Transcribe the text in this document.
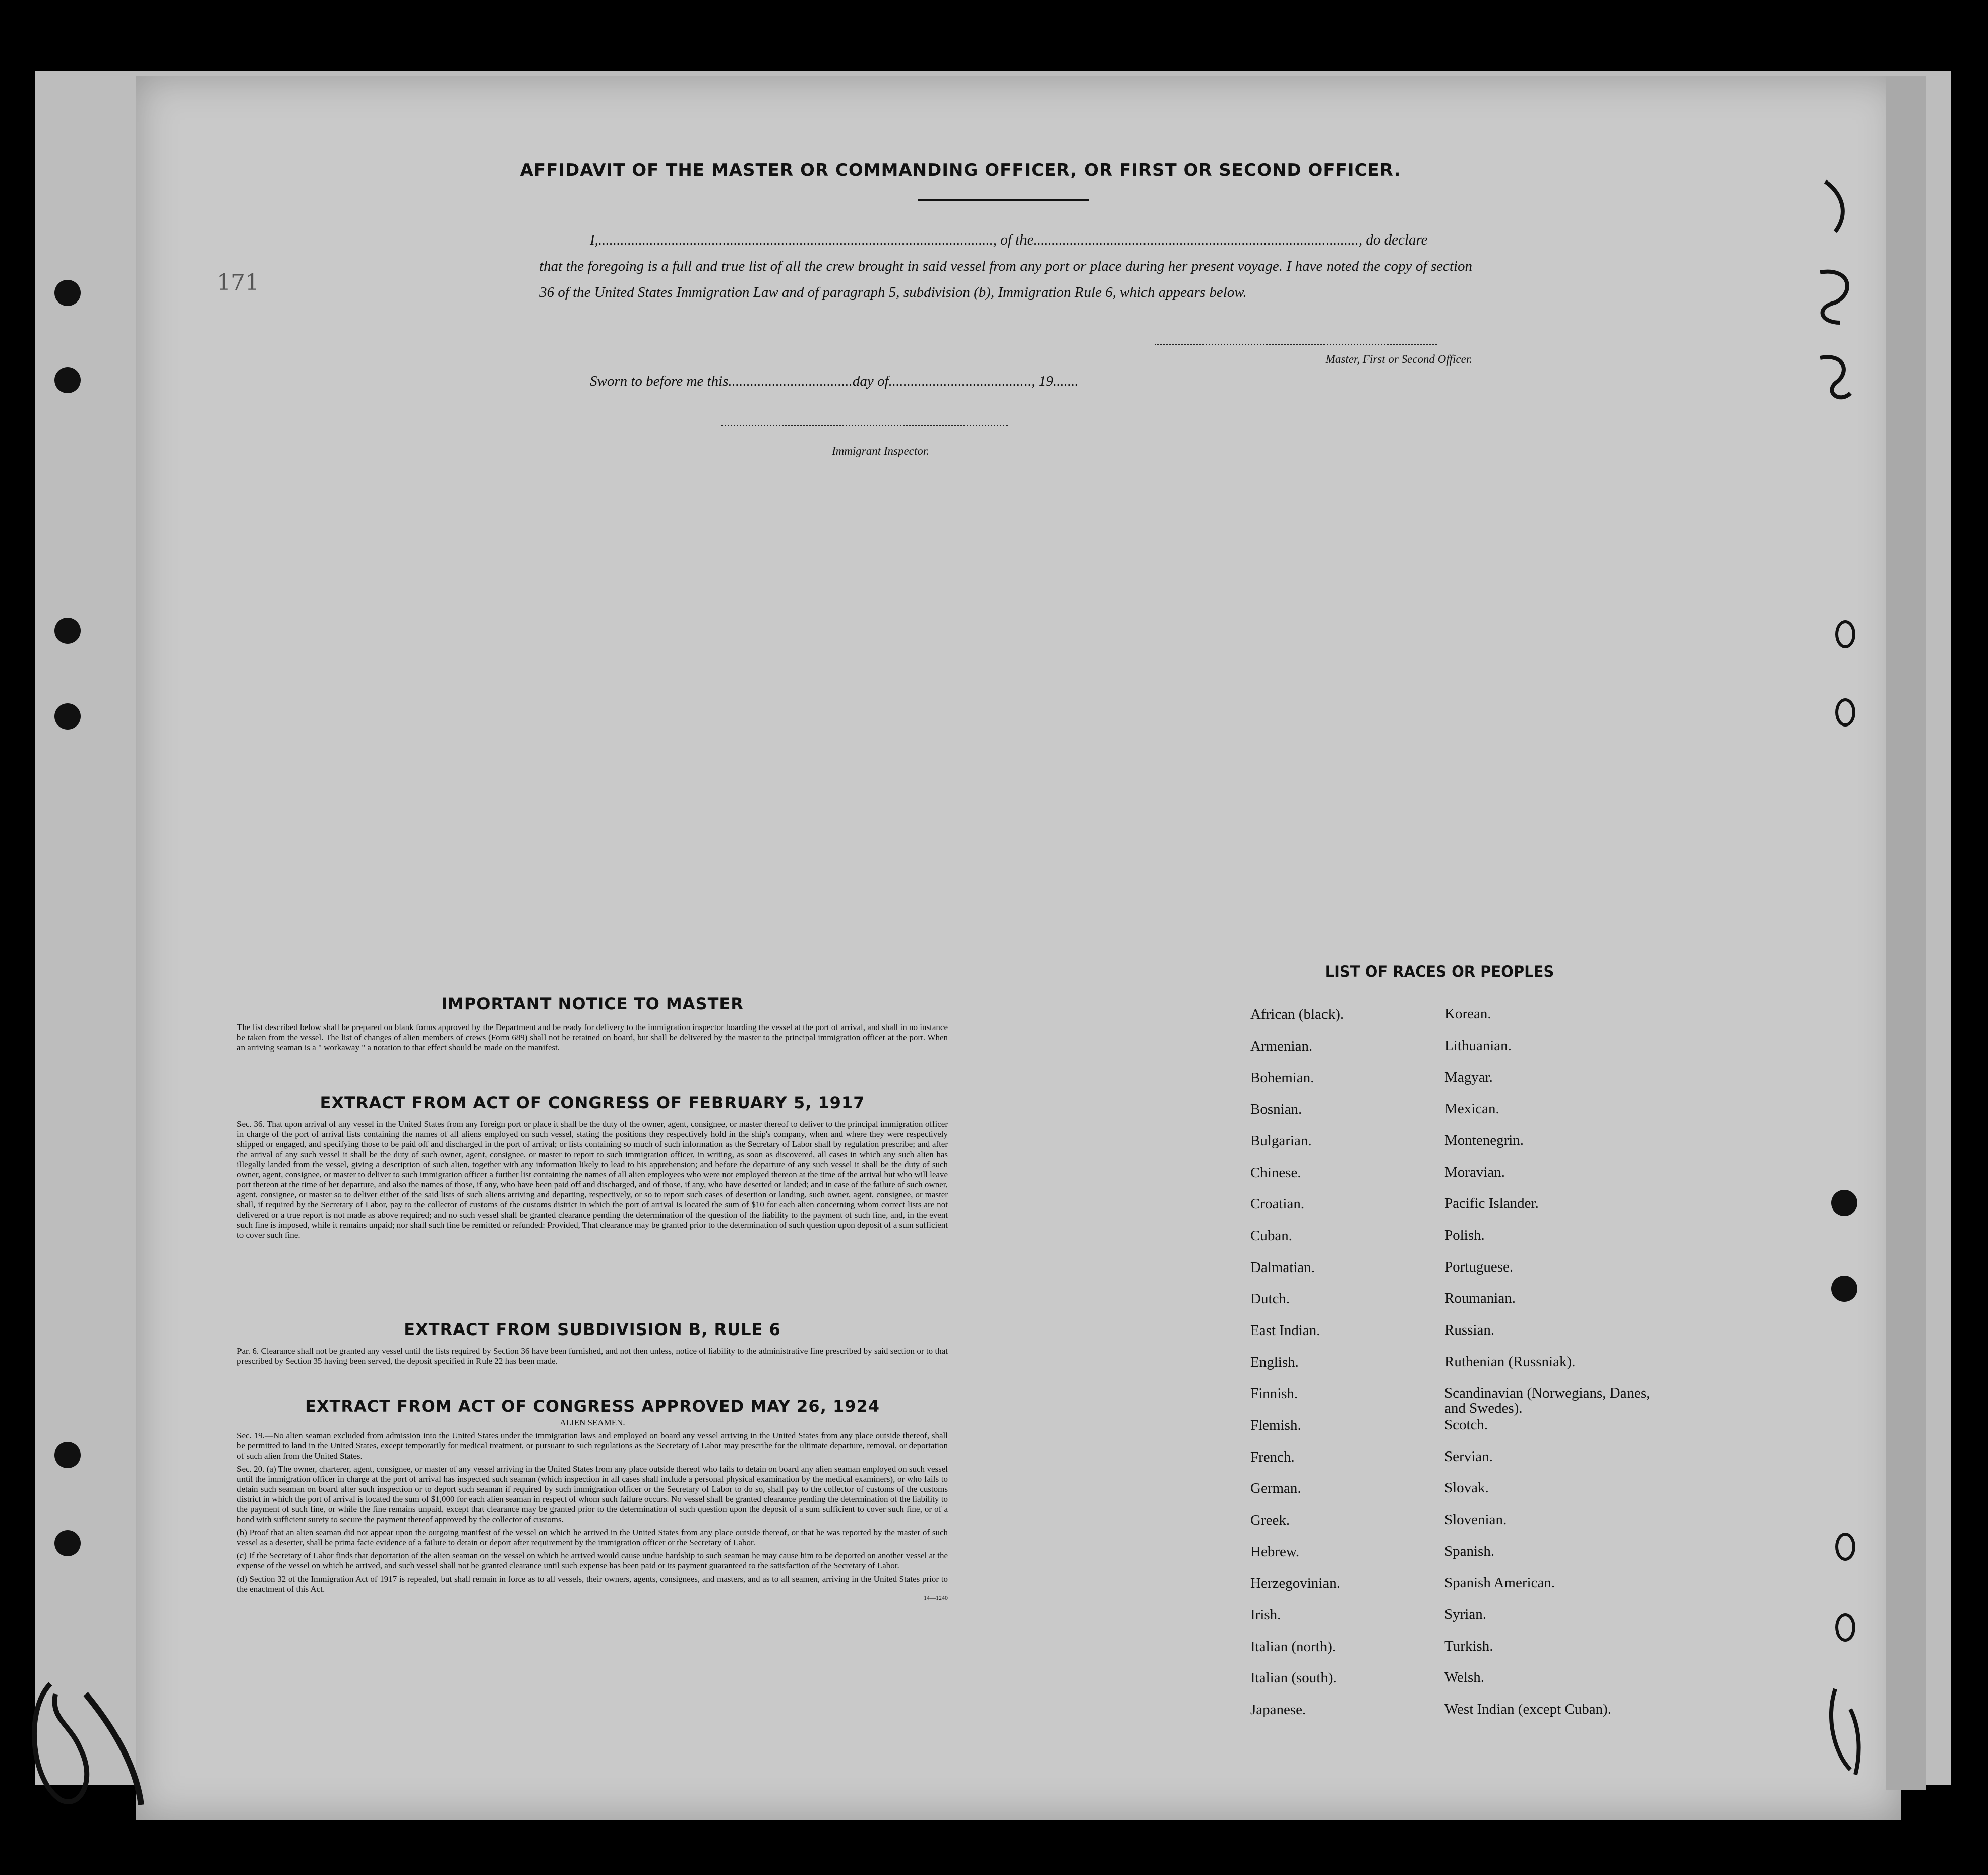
171
AFFIDAVIT OF THE MASTER OR COMMANDING OFFICER, OR FIRST OR SECOND OFFICER.

I,............................................................................................................, of the........................................................................................., do declare

that the foregoing is a full and true list of all the crew brought in said vessel from any port or place during her present voyage. I have noted the copy of section 36 of the United States Immigration Law and of paragraph 5, subdivision (b), Immigration Rule 6, which appears below.

Master, First or Second Officer.
Sworn to before me this..................................day of......................................., 19.......
Immigrant Inspector.

IMPORTANT NOTICE TO MASTER

The list described below shall be prepared on blank forms approved by the Department and be ready for delivery to the immigration inspector boarding the vessel at the port of arrival, and shall in no instance be taken from the vessel. The list of changes of alien members of crews (Form 689) shall not be retained on board, but shall be delivered by the master to the principal immigration officer at the port. When an arriving seaman is a " workaway " a notation to that effect should be made on the manifest.

EXTRACT FROM ACT OF CONGRESS OF FEBRUARY 5, 1917

Sec. 36. That upon arrival of any vessel in the United States from any foreign port or place it shall be the duty of the owner, agent, consignee, or master thereof to deliver to the principal immigration officer in charge of the port of arrival lists containing the names of all aliens employed on such vessel, stating the positions they respectively hold in the ship's company, when and where they were respectively shipped or engaged, and specifying those to be paid off and discharged in the port of arrival; or lists containing so much of such information as the Secretary of Labor shall by regulation prescribe; and after the arrival of any such vessel it shall be the duty of such owner, agent, consignee, or master to report to such immigration officer, in writing, as soon as discovered, all cases in which any such alien has illegally landed from the vessel, giving a description of such alien, together with any information likely to lead to his apprehension; and before the departure of any such vessel it shall be the duty of such owner, agent, consignee, or master to deliver to such immigration officer a further list containing the names of all alien employees who were not employed thereon at the time of the arrival but who will leave port thereon at the time of her departure, and also the names of those, if any, who have been paid off and discharged, and of those, if any, who have deserted or landed; and in case of the failure of such owner, agent, consignee, or master so to deliver either of the said lists of such aliens arriving and departing, respectively, or so to report such cases of desertion or landing, such owner, agent, consignee, or master shall, if required by the Secretary of Labor, pay to the collector of customs of the customs district in which the port of arrival is located the sum of $10 for each alien concerning whom correct lists are not delivered or a true report is not made as above required; and no such vessel shall be granted clearance pending the determination of the question of the liability to the payment of such fine, and, in the event such fine is imposed, while it remains unpaid; nor shall such fine be remitted or refunded: Provided, That clearance may be granted prior to the determination of such question upon deposit of a sum sufficient to cover such fine.

EXTRACT FROM SUBDIVISION B, RULE 6

Par. 6. Clearance shall not be granted any vessel until the lists required by Section 36 have been furnished, and not then unless, notice of liability to the administrative fine prescribed by said section or to that prescribed by Section 35 having been served, the deposit specified in Rule 22 has been made.

EXTRACT FROM ACT OF CONGRESS APPROVED MAY 26, 1924

ALIEN SEAMEN.

Sec. 19.—No alien seaman excluded from admission into the United States under the immigration laws and employed on board any vessel arriving in the United States from any place outside thereof, shall be permitted to land in the United States, except temporarily for medical treatment, or pursuant to such regulations as the Secretary of Labor may prescribe for the ultimate departure, removal, or deportation of such alien from the United States.

Sec. 20. (a) The owner, charterer, agent, consignee, or master of any vessel arriving in the United States from any place outside thereof who fails to detain on board any alien seaman employed on such vessel until the immigration officer in charge at the port of arrival has inspected such seaman (which inspection in all cases shall include a personal physical examination by the medical examiners), or who fails to detain such seaman on board after such inspection or to deport such seaman if required by such immigration officer or the Secretary of Labor to do so, shall pay to the collector of customs of the customs district in which the port of arrival is located the sum of $1,000 for each alien seaman in respect of whom such failure occurs. No vessel shall be granted clearance pending the determination of the liability to the payment of such fine, or while the fine remains unpaid, except that clearance may be granted prior to the determination of such question upon the deposit of a sum sufficient to cover such fine, or of a bond with sufficient surety to secure the payment thereof approved by the collector of customs.

(b) Proof that an alien seaman did not appear upon the outgoing manifest of the vessel on which he arrived in the United States from any place outside thereof, or that he was reported by the master of such vessel as a deserter, shall be prima facie evidence of a failure to detain or deport after requirement by the immigration officer or the Secretary of Labor.

(c) If the Secretary of Labor finds that deportation of the alien seaman on the vessel on which he arrived would cause undue hardship to such seaman he may cause him to be deported on another vessel at the expense of the vessel on which he arrived, and such vessel shall not be granted clearance until such expense has been paid or its payment guaranteed to the satisfaction of the Secretary of Labor.

(d) Section 32 of the Immigration Act of 1917 is repealed, but shall remain in force as to all vessels, their owners, agents, consignees, and masters, and as to all seamen, arriving in the United States prior to the enactment of this Act.

14—1240

LIST OF RACES OR PEOPLES
African (black).
Armenian.
Bohemian.
Bosnian.
Bulgarian.
Chinese.
Croatian.
Cuban.
Dalmatian.
Dutch.
East Indian.
English.
Finnish.
Flemish.
French.
German.
Greek.
Hebrew.
Herzegovinian.
Irish.
Italian (north).
Italian (south).
Japanese.
Korean.
Lithuanian.
Magyar.
Mexican.
Montenegrin.
Moravian.
Pacific Islander.
Polish.
Portuguese.
Roumanian.
Russian.
Ruthenian (Russniak).
Scandinavian (Norwegians, Danes, and Swedes).
Scotch.
Servian.
Slovak.
Slovenian.
Spanish.
Spanish American.
Syrian.
Turkish.
Welsh.
West Indian (except Cuban).
